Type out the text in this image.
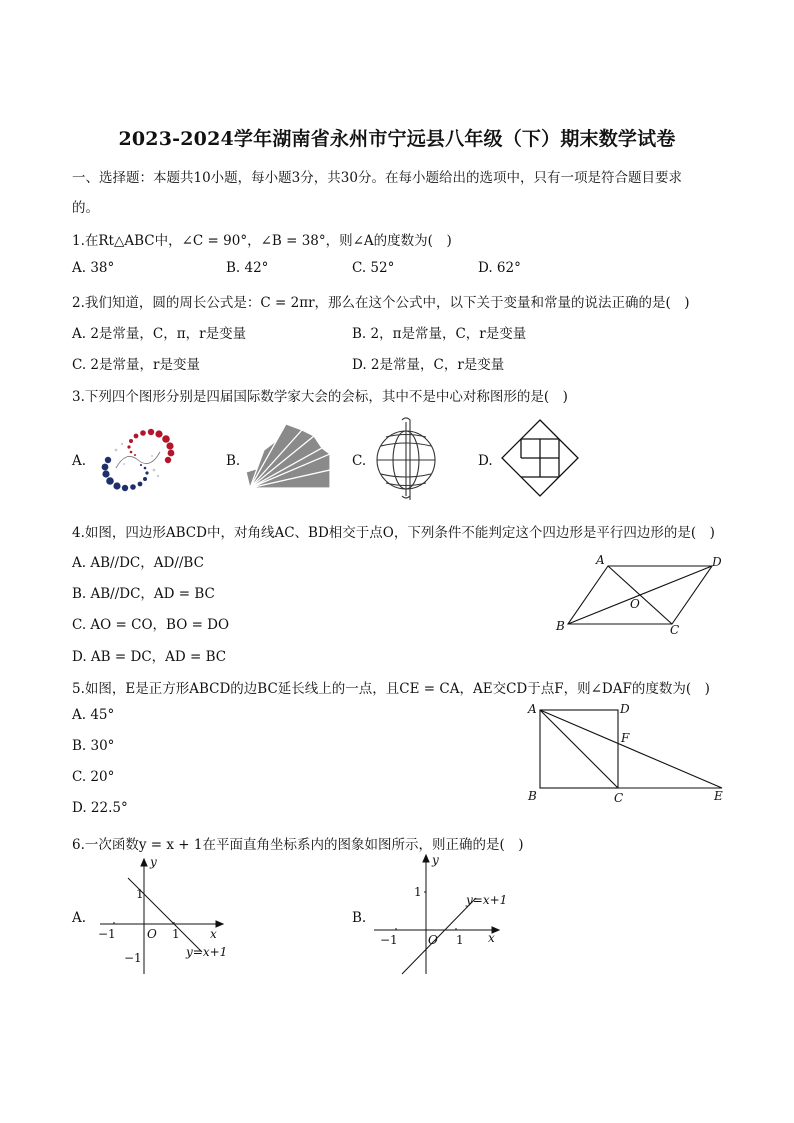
2023-2024学年湖南省永州市宁远县八年级（下）期末数学试卷
一、选择题：本题共10小题，每小题3分，共30分。在每小题给出的选项中，只有一项是符合题目要求
的。
1.在Rt△ABC中，∠C = 90°，∠B = 38°，则∠A的度数为(　)
A. 38°	B. 42°	C. 52°	D. 62°
2.我们知道，圆的周长公式是：C = 2πr，那么在这个公式中，以下关于变量和常量的说法正确的是(　)
A. 2是常量，C，π，r是变量	B. 2，π是常量，C，r是变量
C. 2是常量，r是变量	D. 2是常量，C，r是变量
3.下列四个图形分别是四届国际数学家大会的会标，其中不是中心对称图形的是(　)
A.	B.	C.	D.
4.如图，四边形ABCD中，对角线AC、BD相交于点O，下列条件不能判定这个四边形是平行四边形的是(　)
A. AB//DC，AD//BC
B. AB//DC，AD = BC
C. AO = CO，BO = DO
D. AB = DC，AD = BC
A	D
O
B	C
5.如图，E是正方形ABCD的边BC延长线上的一点，且CE = CA，AE交CD于点F，则∠DAF的度数为(　)
A. 45°
B. 30°
C. 20°
D. 22.5°
A	D
F
B	C	E
6.一次函数y = x + 1在平面直角坐标系内的图象如图所示，则正确的是(　)
A.	B.
y
x
O 1
−1
1
−1	y=x+1
y
x
O 1
−1
1
y=x+1
